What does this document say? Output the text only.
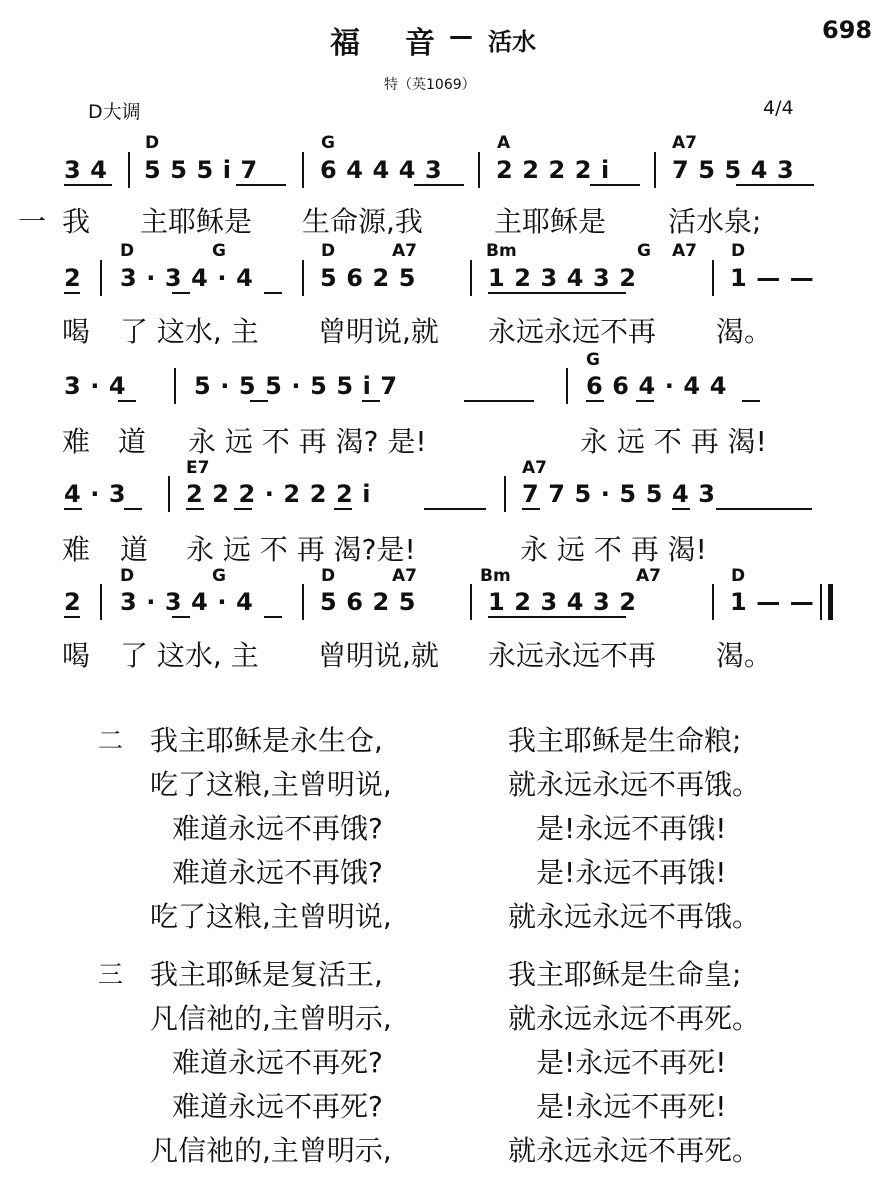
福 音 — 活水	698
特（英1069）
D大调	4/4
D	G	A	A7
3 4 5 5 5 i 7	6 4 4 4 3 2 2 2 2 i	7 5 5 4 3
一 我 主耶稣是 生命源,我	主耶稣是 活水泉;
D	G	D	A7	Bm	G A7 D
2 3 · 3 4 · 4	5 6 2 5	1 2 3 4 3 2	1 — —
喝 了 这水, 主 曾明说,就 永远永远不再 渴。
G
3 · 4	5 · 5 5 · 5 5 i 7	6 6 4 · 4 4
难 道 永 远 不 再 渴? 是!	永 远 不 再 渴!
E7	A7
4 · 3 2 2 2 · 2 2 2 i	7 7 5 · 5 5 4 3
难 道 永 远 不 再 渴?是!	永 远 不 再 渴!
D	G	D	A7	Bm	A7	D
2 3 · 3 4 · 4	5 6 2 5	1 2 3 4 3 2	1 — —
喝 了 这水, 主 曾明说,就 永远永远不再 渴。
二 我主耶稣是永生仓,	我主耶稣是生命粮;
吃了这粮,主曾明说,	就永远永远不再饿。
难道永远不再饿?	是!永远不再饿!
难道永远不再饿?	是!永远不再饿!
吃了这粮,主曾明说,	就永远永远不再饿。
三 我主耶稣是复活王,	我主耶稣是生命皇;
凡信祂的,主曾明示,	就永远永远不再死。
难道永远不再死?	是!永远不再死!
难道永远不再死?	是!永远不再死!
凡信祂的,主曾明示,	就永远永远不再死。
